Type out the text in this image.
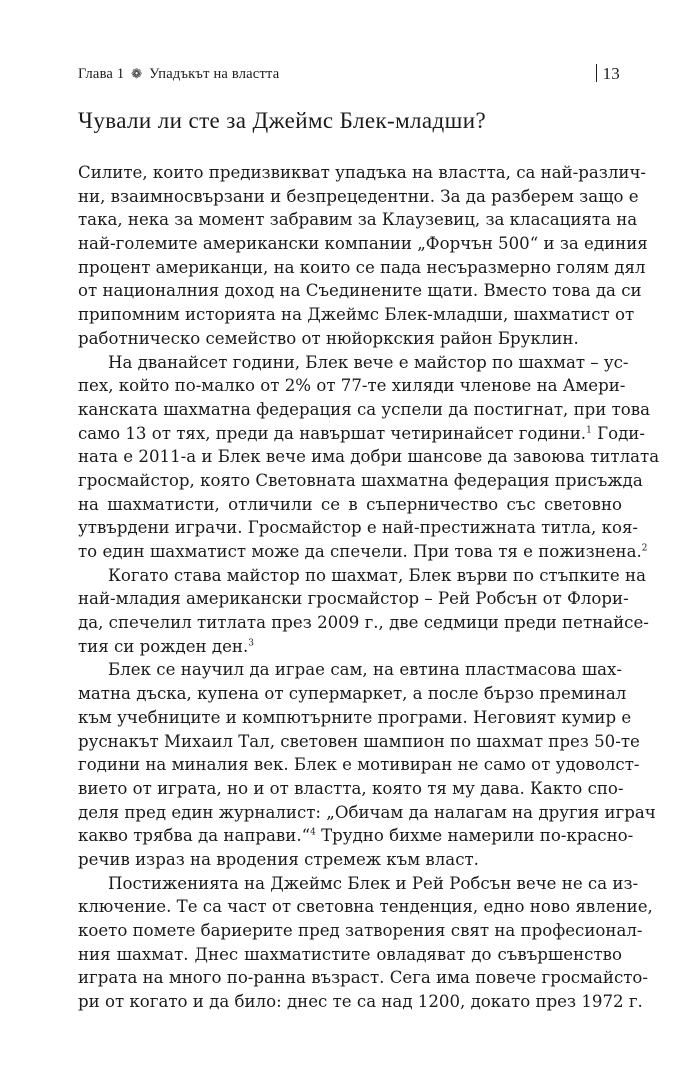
Глава 1 ❁ Упадъкът на властта	13
Чували ли сте за Джеймс Блек-младши?
Силите, които предизвикват упадъка на властта, са най-различ-
ни, взаимносвързани и безпрецедентни. За да разберем защо е
така, нека за момент забравим за Клаузевиц, за класацията на
най-големите американски компании „Форчън 500“ и за единия
процент американци, на които се пада несъразмерно голям дял
от националния доход на Съединените щати. Вместо това да си
припомним историята на Джеймс Блек-младши, шахматист от
работническо семейство от нюйоркския район Бруклин.
На дванайсет години, Блек вече е майстор по шахмат – ус-
пех, който по-малко от 2% от 77-те хиляди членове на Амери-
канската шахматна федерация са успели да постигнат, при това
само 13 от тях, преди да навършат четиринайсет години.$^1$ Годи-
ната е 2011-а и Блек вече има добри шансове да завоюва титлата
гросмайстор, която Световната шахматна федерация присъжда
на шахматисти, отличили се в съперничество със световно
утвърдени играчи. Гросмайстор е най-престижната титла, коя-
то един шахматист може да спечели. При това тя е пожизнена.$^2$
Когато става майстор по шахмат, Блек върви по стъпките на
най-младия американски гросмайстор – Рей Робсън от Флори-
да, спечелил титлата през 2009 г., две седмици преди петнайсе-
тия си рожден ден.$^3$
Блек се научил да играе сам, на евтина пластмасова шах-
матна дъска, купена от супермаркет, а после бързо преминал
към учебниците и компютърните програми. Неговият кумир е
руснакът Михаил Тал, световен шампион по шахмат през 50-те
години на миналия век. Блек е мотивиран не само от удоволст-
вието от играта, но и от властта, която тя му дава. Както спо-
деля пред един журналист: „Обичам да налагам на другия играч
какво трябва да направи.“$^4$ Трудно бихме намерили по-красно-
речив израз на вродения стремеж към власт.
Постиженията на Джеймс Блек и Рей Робсън вече не са из-
ключение. Те са част от световна тенденция, едно ново явление,
което помете бариерите пред затворения свят на професионал-
ния шахмат. Днес шахматистите овладяват до съвършенство
играта на много по-ранна възраст. Сега има повече гросмайсто-
ри от когато и да било: днес те са над 1200, докато през 1972 г.
